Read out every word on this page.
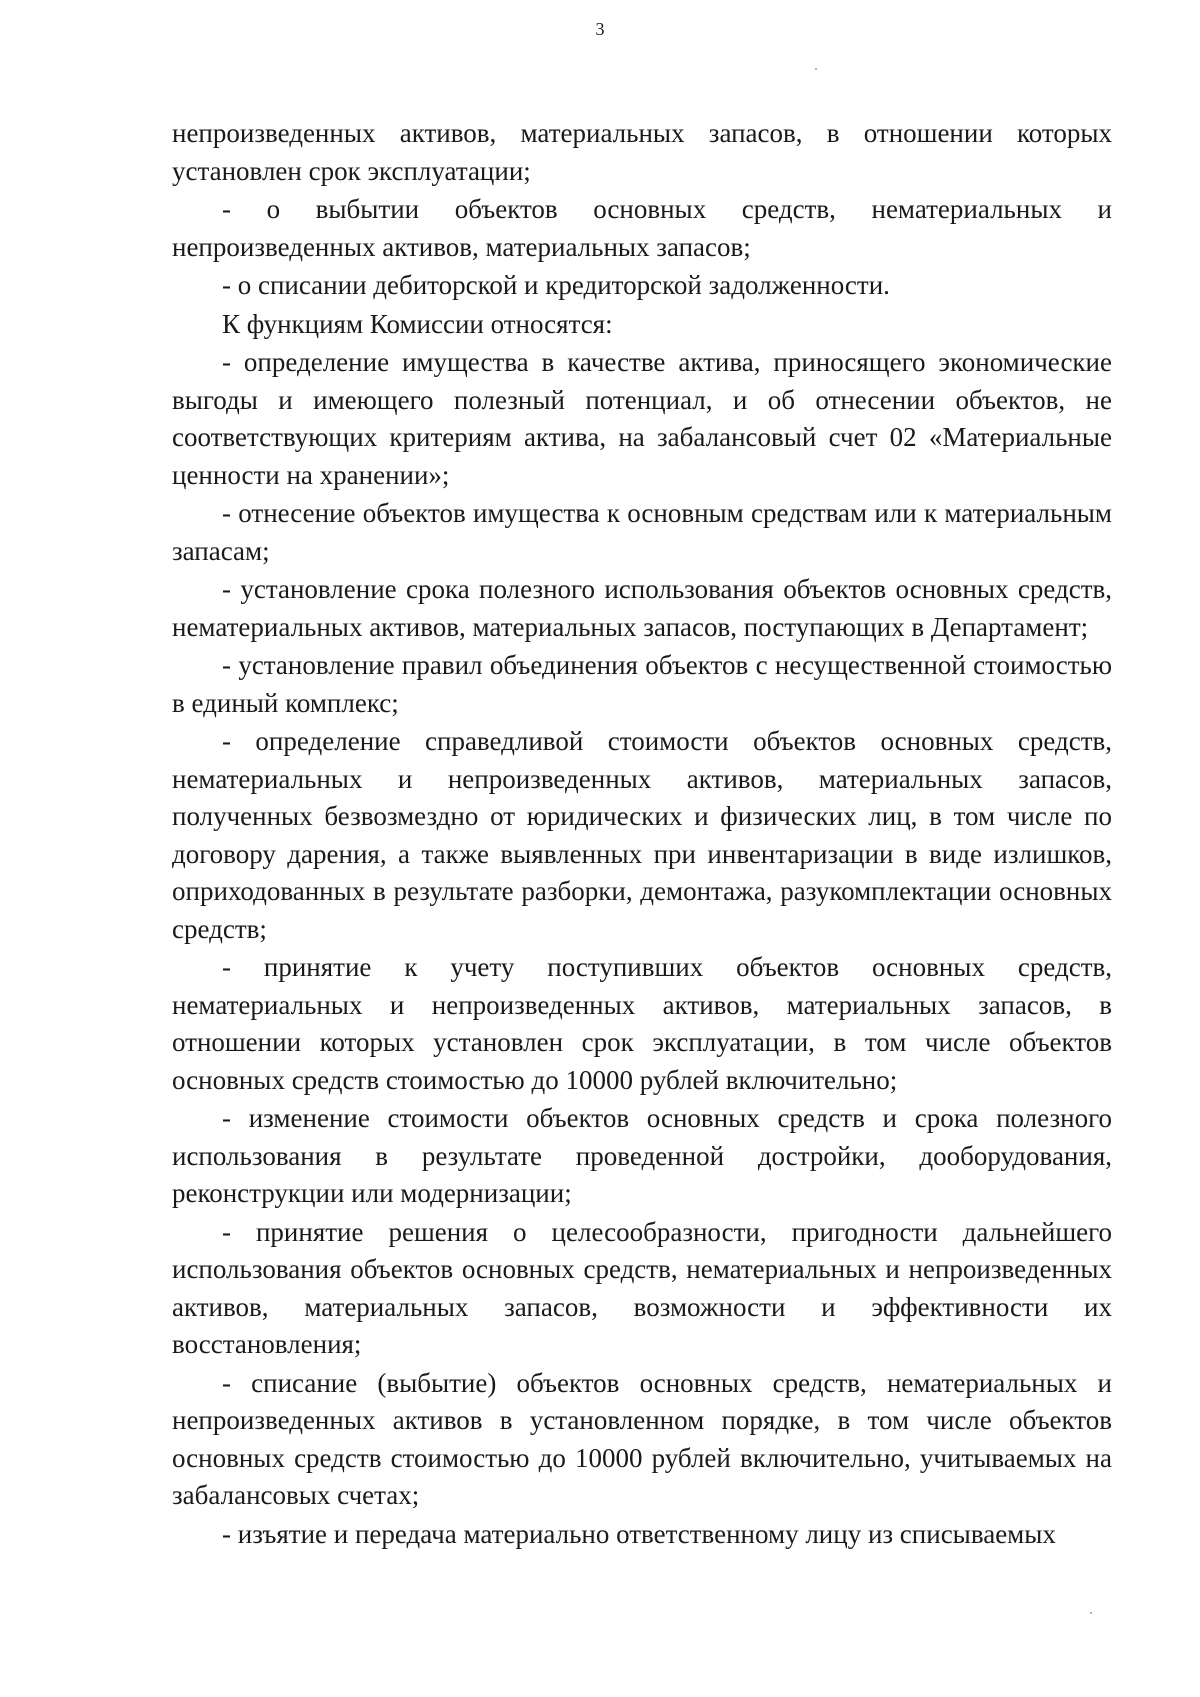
3

непроизведенных активов, материальных запасов, в отношении которых установлен срок эксплуатации;

- о выбытии объектов основных средств, нематериальных и непроизведенных активов, материальных запасов;

- о списании дебиторской и кредиторской задолженности.

К функциям Комиссии относятся:

- определение имущества в качестве актива, приносящего экономические выгоды и имеющего полезный потенциал, и об отнесении объектов, не соответствующих критериям актива, на забалансовый счет 02 «Материальные ценности на хранении»;

- отнесение объектов имущества к основным средствам или к материальным запасам;

- установление срока полезного использования объектов основных средств, нематериальных активов, материальных запасов, поступающих в Департамент;

- установление правил объединения объектов с несущественной стоимостью в единый комплекс;

- определение справедливой стоимости объектов основных средств, нематериальных и непроизведенных активов, материальных запасов, полученных безвозмездно от юридических и физических лиц, в том числе по договору дарения, а также выявленных при инвентаризации в виде излишков, оприходованных в результате разборки, демонтажа, разукомплектации основных средств;

- принятие к учету поступивших объектов основных средств, нематериальных и непроизведенных активов, материальных запасов, в отношении которых установлен срок эксплуатации, в том числе объектов основных средств стоимостью до 10000 рублей включительно;

- изменение стоимости объектов основных средств и срока полезного использования в результате проведенной достройки, дооборудования, реконструкции или модернизации;

- принятие решения о целесообразности, пригодности дальнейшего использования объектов основных средств, нематериальных и непроизведенных активов, материальных запасов, возможности и эффективности их восстановления;

- списание (выбытие) объектов основных средств, нематериальных и непроизведенных активов в установленном порядке, в том числе объектов основных средств стоимостью до 10000 рублей включительно, учитываемых на забалансовых счетах;

- изъятие и передача материально ответственному лицу из списываемых
